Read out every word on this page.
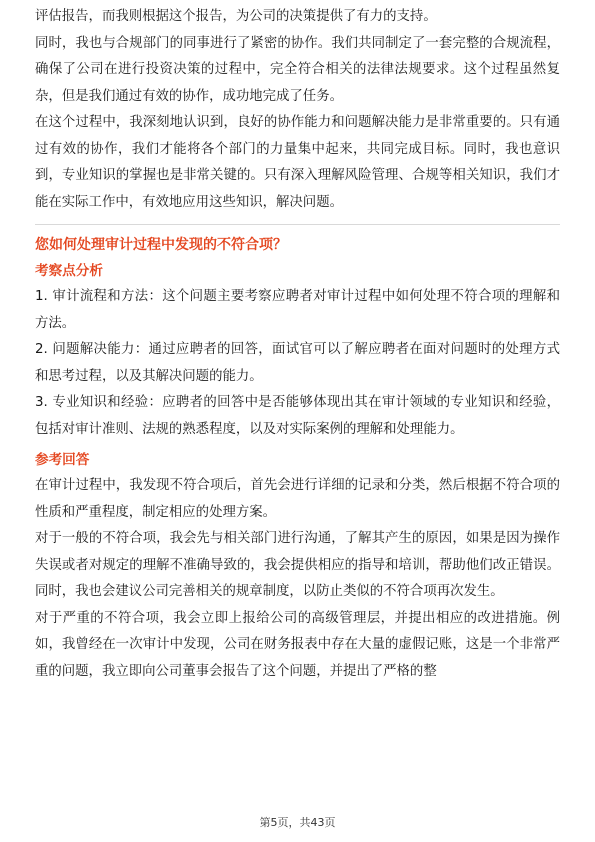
评估报告，而我则根据这个报告，为公司的决策提供了有力的支持。

同时，我也与合规部门的同事进行了紧密的协作。我们共同制定了一套完整的合规流程，确保了公司在进行投资决策的过程中，完全符合相关的法律法规要求。这个过程虽然复杂，但是我们通过有效的协作，成功地完成了任务。

在这个过程中，我深刻地认识到，良好的协作能力和问题解决能力是非常重要的。只有通过有效的协作，我们才能将各个部门的力量集中起来，共同完成目标。同时，我也意识到，专业知识的掌握也是非常关键的。只有深入理解风险管理、合规等相关知识，我们才能在实际工作中，有效地应用这些知识，解决问题。

您如何处理审计过程中发现的不符合项？

考察点分析

1. 审计流程和方法：这个问题主要考察应聘者对审计过程中如何处理不符合项的理解和方法。

2. 问题解决能力：通过应聘者的回答，面试官可以了解应聘者在面对问题时的处理方式和思考过程，以及其解决问题的能力。

3. 专业知识和经验：应聘者的回答中是否能够体现出其在审计领域的专业知识和经验，包括对审计准则、法规的熟悉程度，以及对实际案例的理解和处理能力。

参考回答

在审计过程中，我发现不符合项后，首先会进行详细的记录和分类，然后根据不符合项的性质和严重程度，制定相应的处理方案。

对于一般的不符合项，我会先与相关部门进行沟通，了解其产生的原因，如果是因为操作失误或者对规定的理解不准确导致的，我会提供相应的指导和培训，帮助他们改正错误。同时，我也会建议公司完善相关的规章制度，以防止类似的不符合项再次发生。

对于严重的不符合项，我会立即上报给公司的高级管理层，并提出相应的改进措施。例如，我曾经在一次审计中发现，公司在财务报表中存在大量的虚假记账，这是一个非常严重的问题，我立即向公司董事会报告了这个问题，并提出了严格的整

第5页，共43页
